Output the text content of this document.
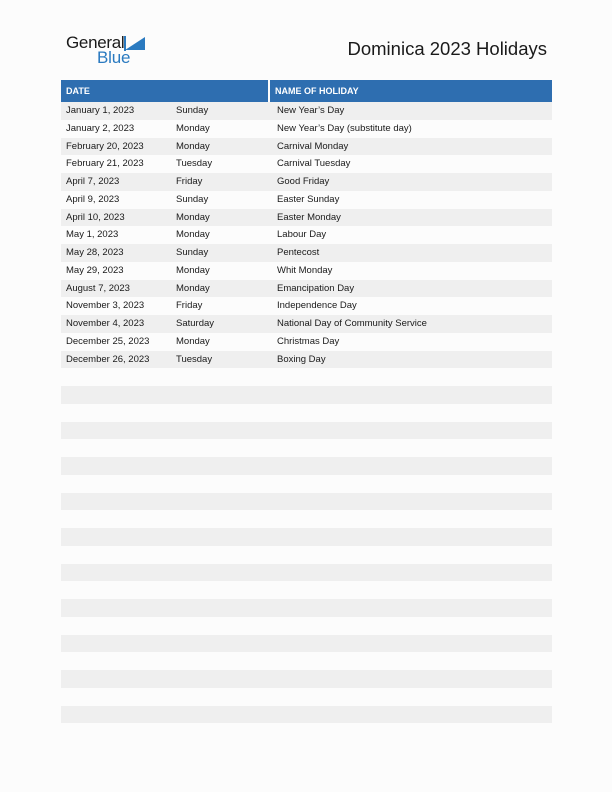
General
Blue	Dominica 2023 Holidays
DATE	NAME OF HOLIDAY
January 1, 2023	Sunday	New Year’s Day
January 2, 2023	Monday	New Year’s Day (substitute day)
February 20, 2023	Monday	Carnival Monday
February 21, 2023	Tuesday	Carnival Tuesday
April 7, 2023	Friday	Good Friday
April 9, 2023	Sunday	Easter Sunday
April 10, 2023	Monday	Easter Monday
May 1, 2023	Monday	Labour Day
May 28, 2023	Sunday	Pentecost
May 29, 2023	Monday	Whit Monday
August 7, 2023	Monday	Emancipation Day
November 3, 2023	Friday	Independence Day
November 4, 2023	Saturday	National Day of Community Service
December 25, 2023	Monday	Christmas Day
December 26, 2023	Tuesday	Boxing Day
